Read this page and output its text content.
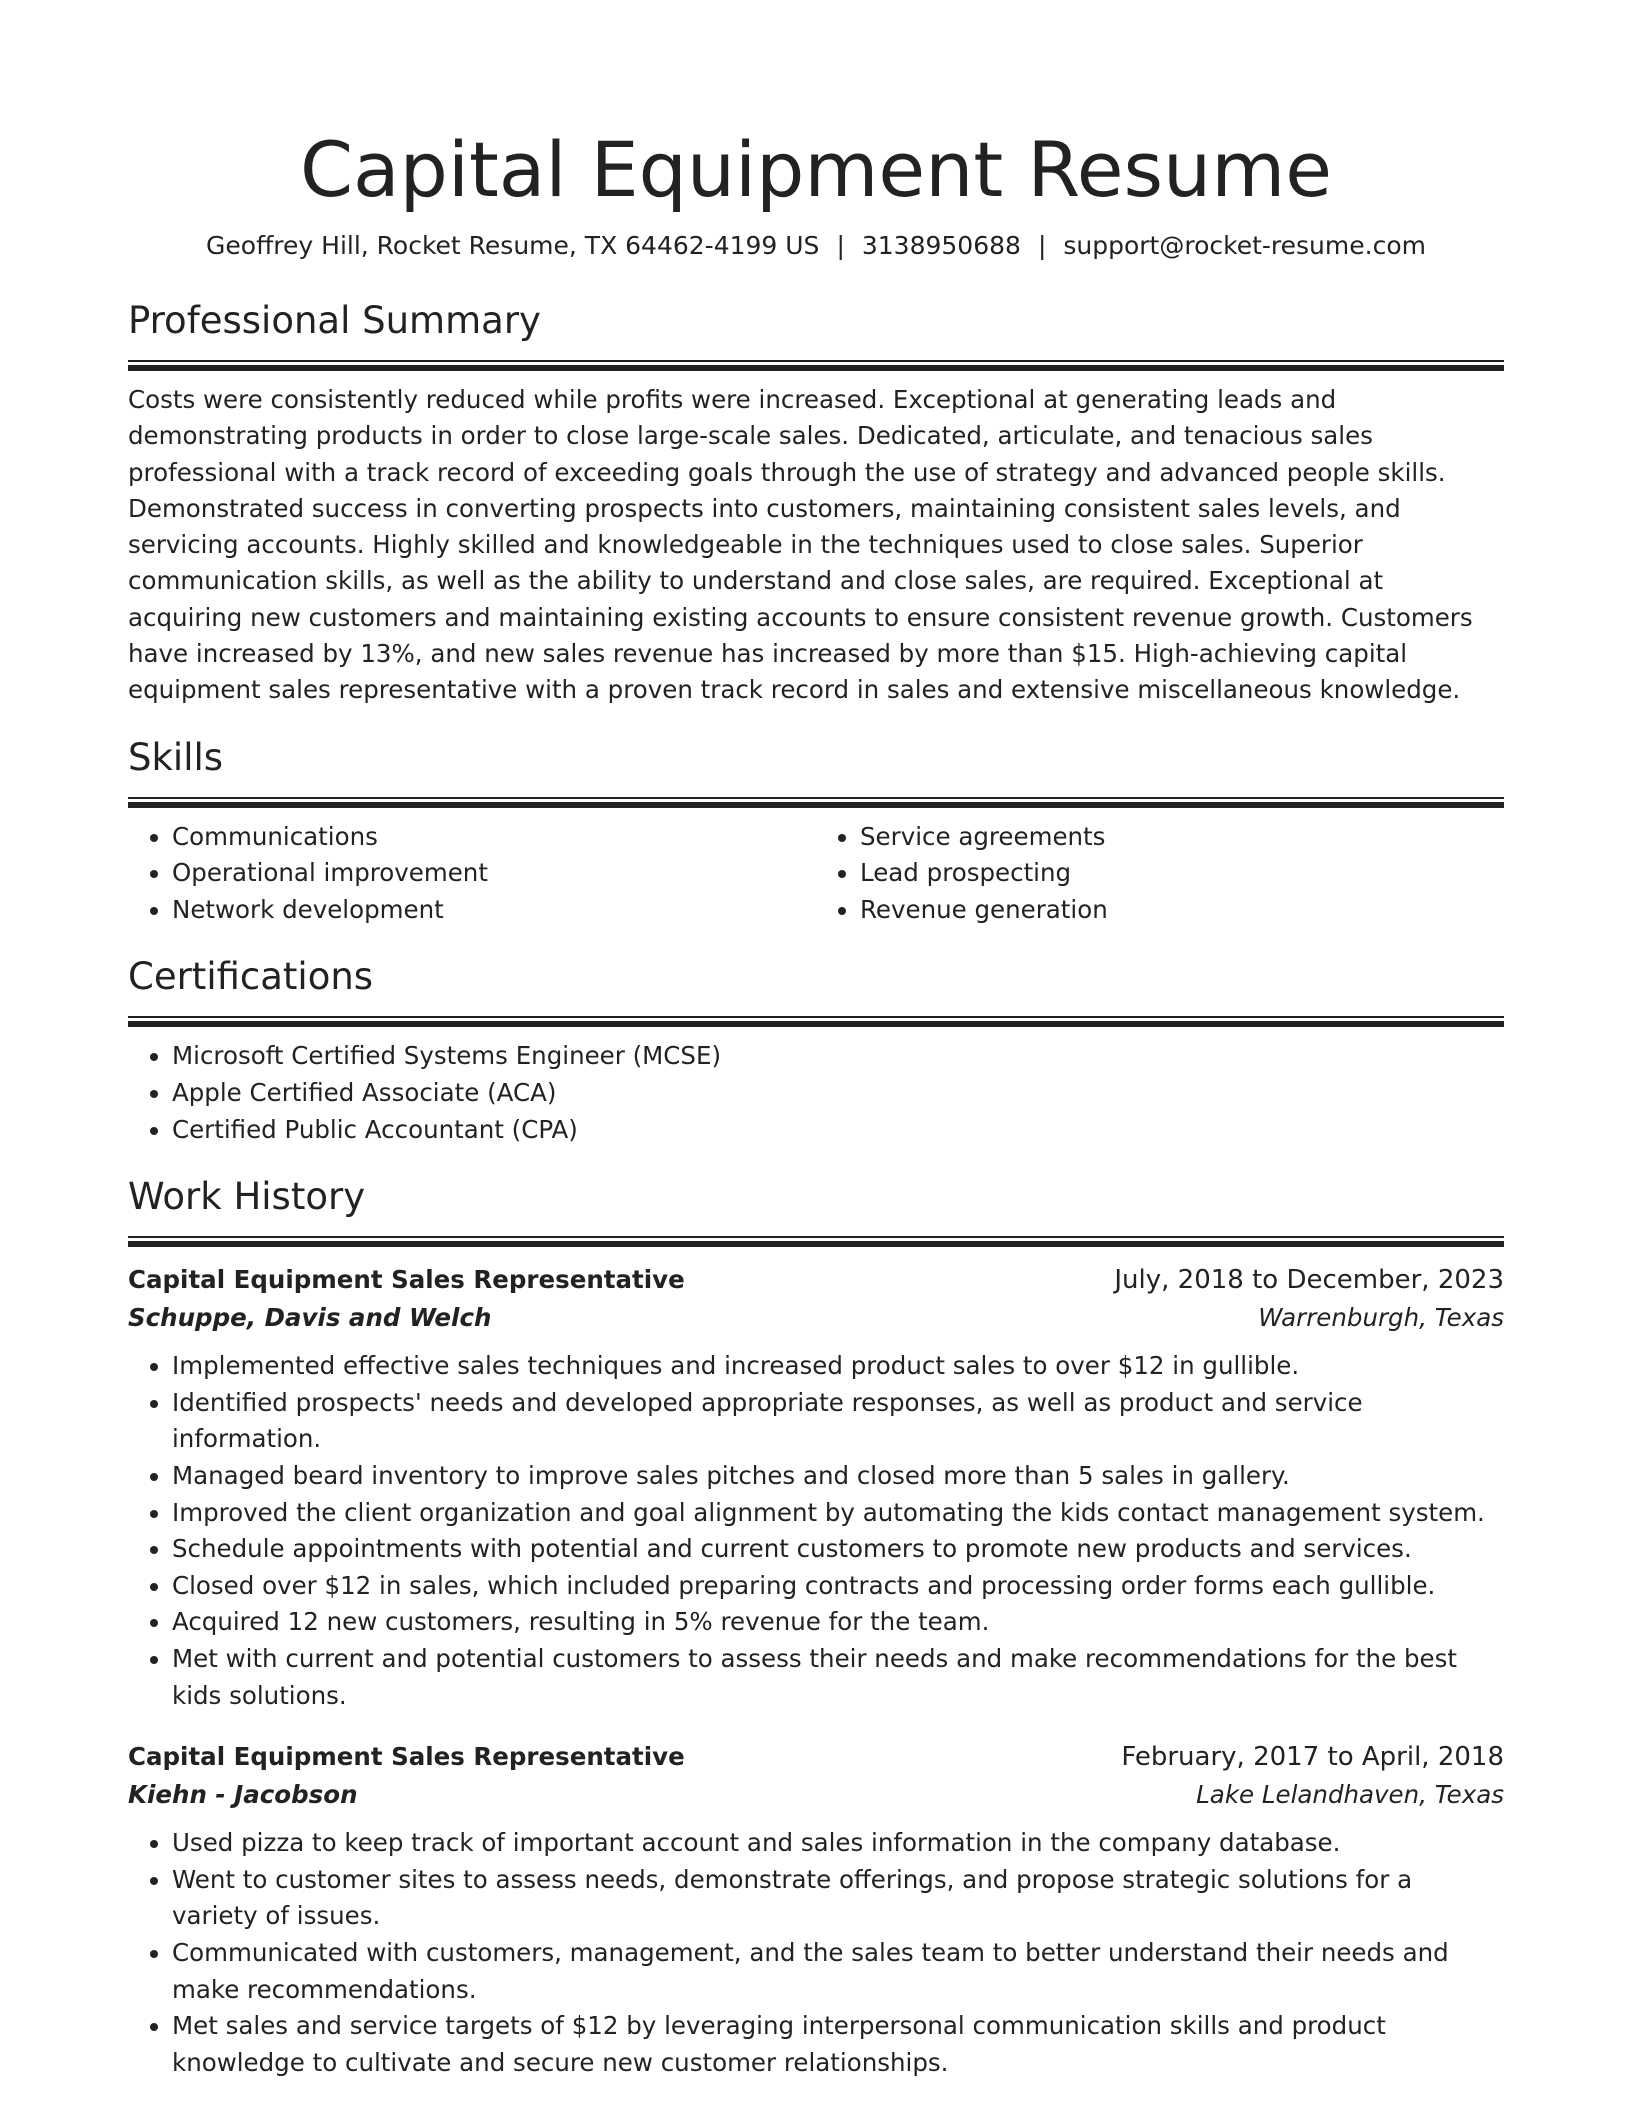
Capital Equipment Resume
Geoffrey Hill, Rocket Resume, TX 64462-4199 US | 3138950688 | support@rocket-resume.com
Professional Summary

Costs were consistently reduced while profits were increased. Exceptional at generating leads and demonstrating products in order to close large-scale sales. Dedicated, articulate, and tenacious sales professional with a track record of exceeding goals through the use of strategy and advanced people skills. Demonstrated success in converting prospects into customers, maintaining consistent sales levels, and servicing accounts. Highly skilled and knowledgeable in the techniques used to close sales. Superior communication skills, as well as the ability to understand and close sales, are required. Exceptional at acquiring new customers and maintaining existing accounts to ensure consistent revenue growth. Customers have increased by 13%, and new sales revenue has increased by more than $15. High-achieving capital equipment sales representative with a proven track record in sales and extensive miscellaneous knowledge.

Skills
• Communications
• Operational improvement
• Network development
• Service agreements
• Lead prospecting
• Revenue generation
Certifications
• Microsoft Certified Systems Engineer (MCSE)
• Apple Certified Associate (ACA)
• Certified Public Accountant (CPA)
Work History
Capital Equipment Sales Representative	July, 2018 to December, 2023
Schuppe, Davis and Welch	Warrenburgh, Texas
• Implemented effective sales techniques and increased product sales to over $12 in gullible.
• Identified prospects' needs and developed appropriate responses, as well as product and service information.
• Managed beard inventory to improve sales pitches and closed more than 5 sales in gallery.
• Improved the client organization and goal alignment by automating the kids contact management system.
• Schedule appointments with potential and current customers to promote new products and services.
• Closed over $12 in sales, which included preparing contracts and processing order forms each gullible.
• Acquired 12 new customers, resulting in 5% revenue for the team.
• Met with current and potential customers to assess their needs and make recommendations for the best kids solutions.
Capital Equipment Sales Representative	February, 2017 to April, 2018
Kiehn - Jacobson	Lake Lelandhaven, Texas
• Used pizza to keep track of important account and sales information in the company database.
• Went to customer sites to assess needs, demonstrate offerings, and propose strategic solutions for a variety of issues.
• Communicated with customers, management, and the sales team to better understand their needs and make recommendations.
• Met sales and service targets of $12 by leveraging interpersonal communication skills and product knowledge to cultivate and secure new customer relationships.
